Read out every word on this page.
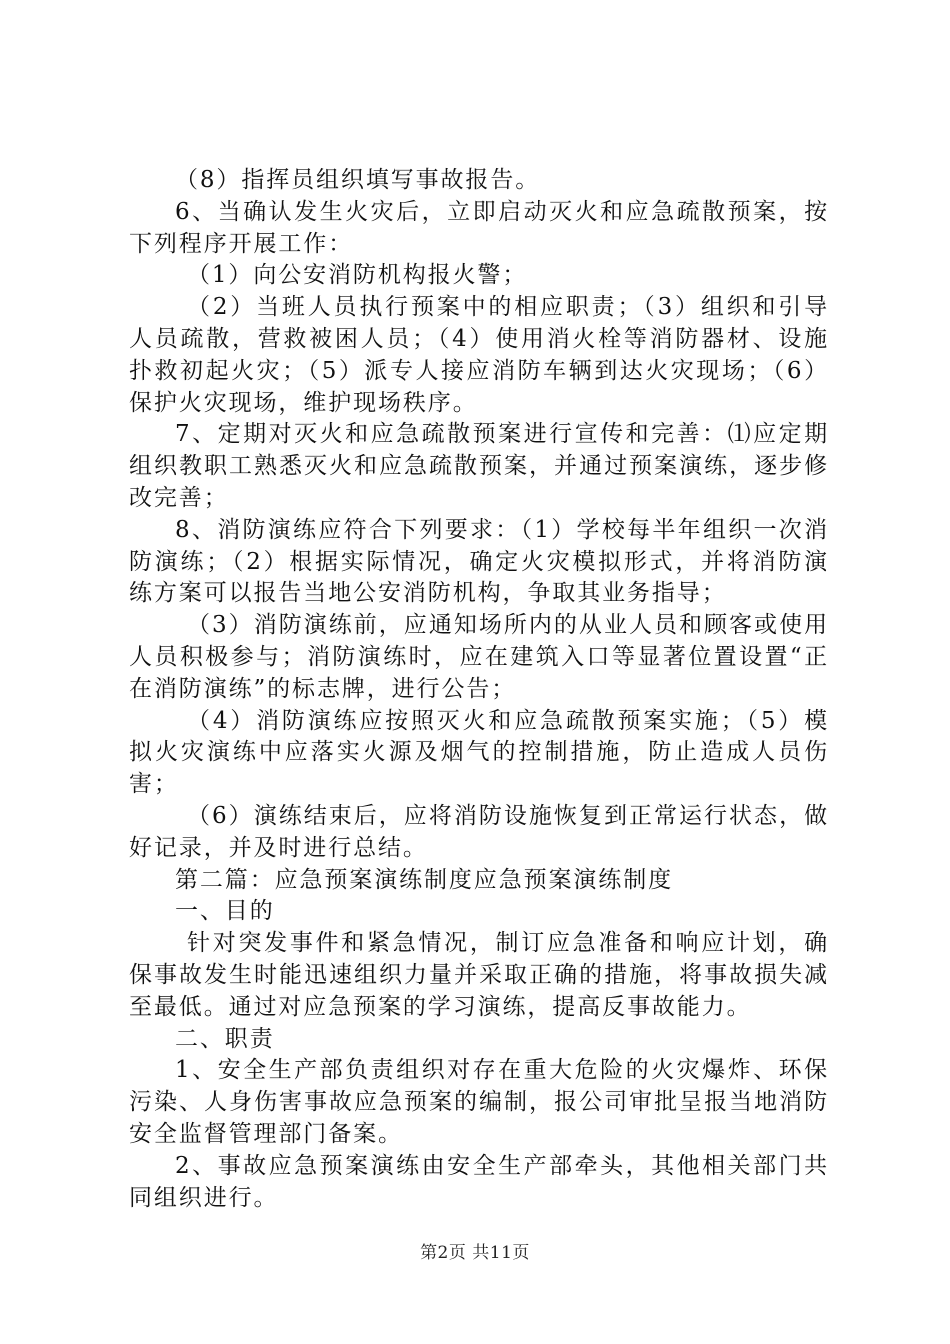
（8）指挥员组织填写事故报告。

6、当确认发生火灾后，立即启动灭火和应急疏散预案，按下列程序开展工作：

（1）向公安消防机构报火警；

（2）当班人员执行预案中的相应职责；（3）组织和引导人员疏散，营救被困人员；（4）使用消火栓等消防器材、设施扑救初起火灾；（5）派专人接应消防车辆到达火灾现场；（6）保护火灾现场，维护现场秩序。

7、定期对灭火和应急疏散预案进行宣传和完善：⑴应定期组织教职工熟悉灭火和应急疏散预案，并通过预案演练，逐步修改完善；

8、消防演练应符合下列要求：（1）学校每半年组织一次消防演练；（2）根据实际情况，确定火灾模拟形式，并将消防演练方案可以报告当地公安消防机构，争取其业务指导；

（3）消防演练前，应通知场所内的从业人员和顾客或使用人员积极参与；消防演练时，应在建筑入口等显著位置设置“正在消防演练”的标志牌，进行公告；

（4）消防演练应按照灭火和应急疏散预案实施；（5）模拟火灾演练中应落实火源及烟气的控制措施，防止造成人员伤害；

（6）演练结束后，应将消防设施恢复到正常运行状态，做好记录，并及时进行总结。

第二篇：应急预案演练制度应急预案演练制度

一、目的

针对突发事件和紧急情况，制订应急准备和响应计划，确保事故发生时能迅速组织力量并采取正确的措施，将事故损失减至最低。通过对应急预案的学习演练，提高反事故能力。

二、职责

1、安全生产部负责组织对存在重大危险的火灾爆炸、环保污染、人身伤害事故应急预案的编制，报公司审批呈报当地消防安全监督管理部门备案。

2、事故应急预案演练由安全生产部牵头，其他相关部门共同组织进行。

第2页 共11页
